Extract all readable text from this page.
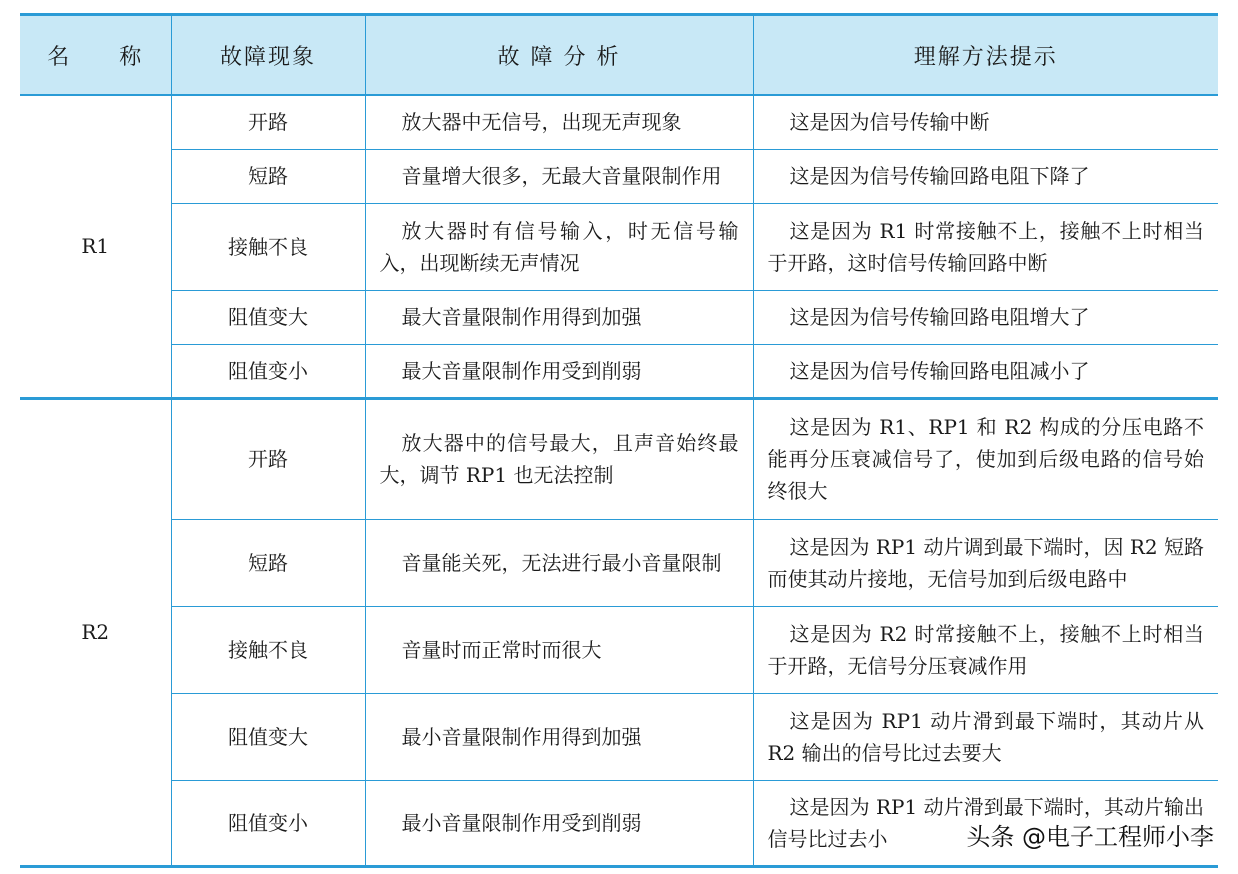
名　　称	故障现象	故 障 分 析	理解方法提示
R1	开路	放大器中无信号，出现无声现象	这是因为信号传输中断

	短路	音量增大很多，无最大音量限制作用	这是因为信号传输回路电阻下降了

	接触不良	放大器时有信号输入，时无信号输入，出现断续无声情况	这是因为 R1 时常接触不上，接触不上时相当于开路，这时信号传输回路中断

	阻值变大	最大音量限制作用得到加强	这是因为信号传输回路电阻增大了

	阻值变小	最大音量限制作用受到削弱	这是因为信号传输回路电阻减小了

R2	开路	放大器中的信号最大，且声音始终最大，调节 RP1 也无法控制	这是因为 R1、RP1 和 R2 构成的分压电路不能再分压衰减信号了，使加到后级电路的信号始终很大

	短路	音量能关死，无法进行最小音量限制	这是因为 RP1 动片调到最下端时，因 R2 短路而使其动片接地，无信号加到后级电路中

	接触不良	音量时而正常时而很大	这是因为 R2 时常接触不上，接触不上时相当于开路，无信号分压衰减作用

	阻值变大	最小音量限制作用得到加强	这是因为 RP1 动片滑到最下端时，其动片从 R2 输出的信号比过去要大

	阻值变小	最小音量限制作用受到削弱	这是因为 RP1 动片滑到最下端时，其动片输出信号比过去小	头条 @电子工程师小李
